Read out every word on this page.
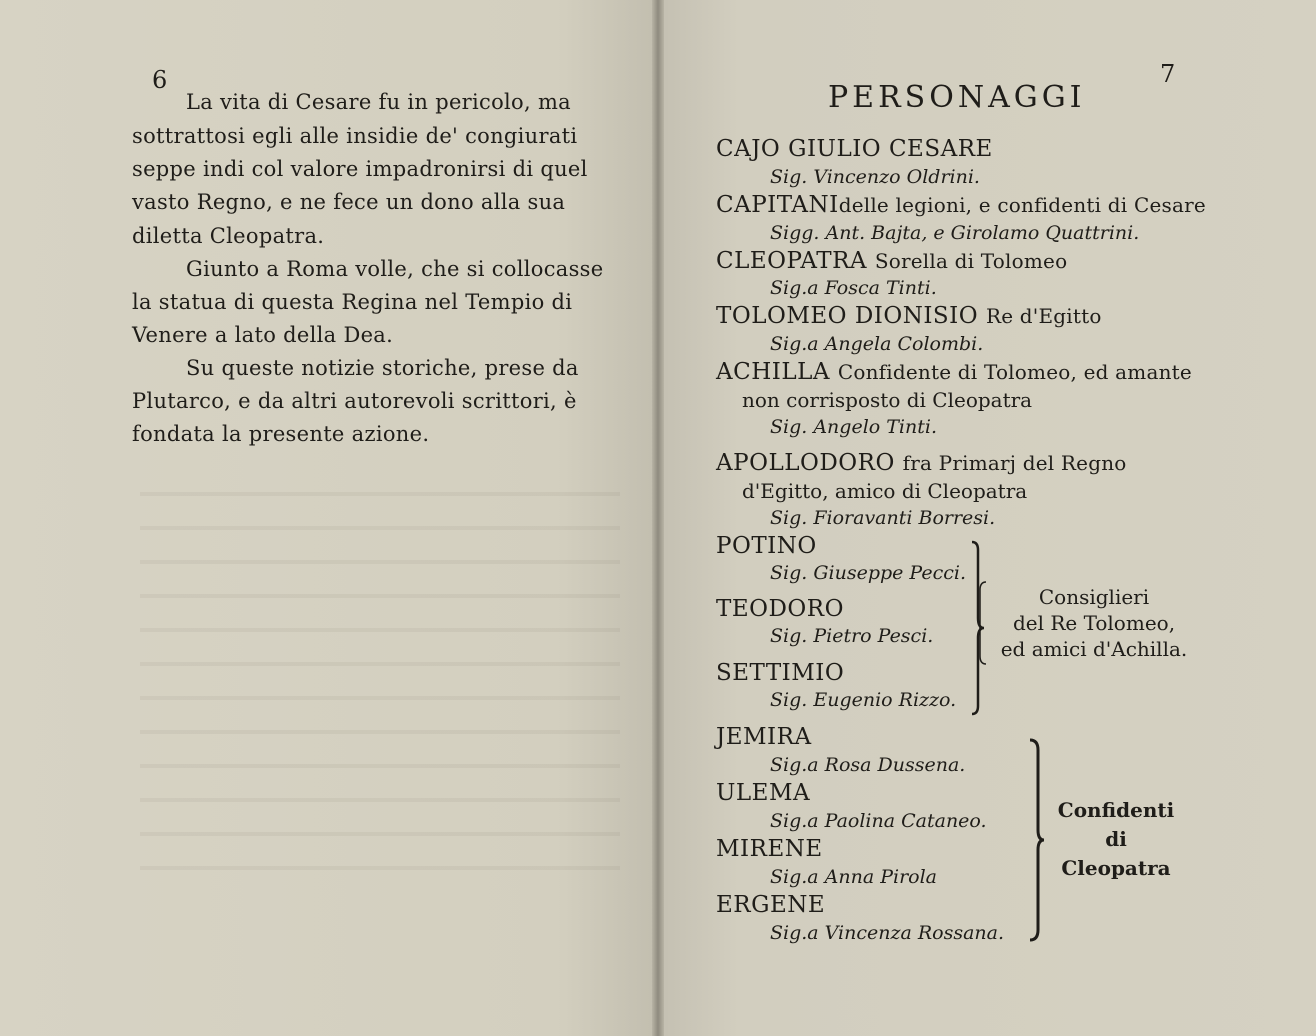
6
La vita di Cesare fu in pericolo, ma
sottrattosi egli alle insidie de' congiurati
seppe indi col valore impadronirsi di quel
vasto Regno, e ne fece un dono alla sua
diletta Cleopatra.
Giunto a Roma volle, che si collocasse
la statua di questa Regina nel Tempio di
Venere a lato della Dea.
Su queste notizie storiche, prese da
Plutarco, e da altri autorevoli scrittori, è
fondata la presente azione.
7
PERSONAGGI
CAJO GIULIO CESARE
Sig. Vincenzo Oldrini.
CAPITANIdelle legioni, e confidenti di Cesare
Sigg. Ant. Bajta, e Girolamo Quattrini.
CLEOPATRA Sorella di Tolomeo
Sig.a Fosca Tinti.
TOLOMEO DIONISIO Re d'Egitto
Sig.a Angela Colombi.
ACHILLA Confidente di Tolomeo, ed amante
non corrisposto di Cleopatra
Sig. Angelo Tinti.
APOLLODORO fra Primarj del Regno
d'Egitto, amico di Cleopatra
Sig. Fioravanti Borresi.
POTINO
Sig. Giuseppe Pecci.
TEODORO
Sig. Pietro Pesci.
SETTIMIO
Sig. Eugenio Rizzo.
Consiglieri
del Re Tolomeo,
ed amici d'Achilla.
JEMIRA
Sig.a Rosa Dussena.
ULEMA
Sig.a Paolina Cataneo.
MIRENE
Sig.a Anna Pirola
ERGENE
Sig.a Vincenza Rossana.
Confidenti
di
Cleopatra
